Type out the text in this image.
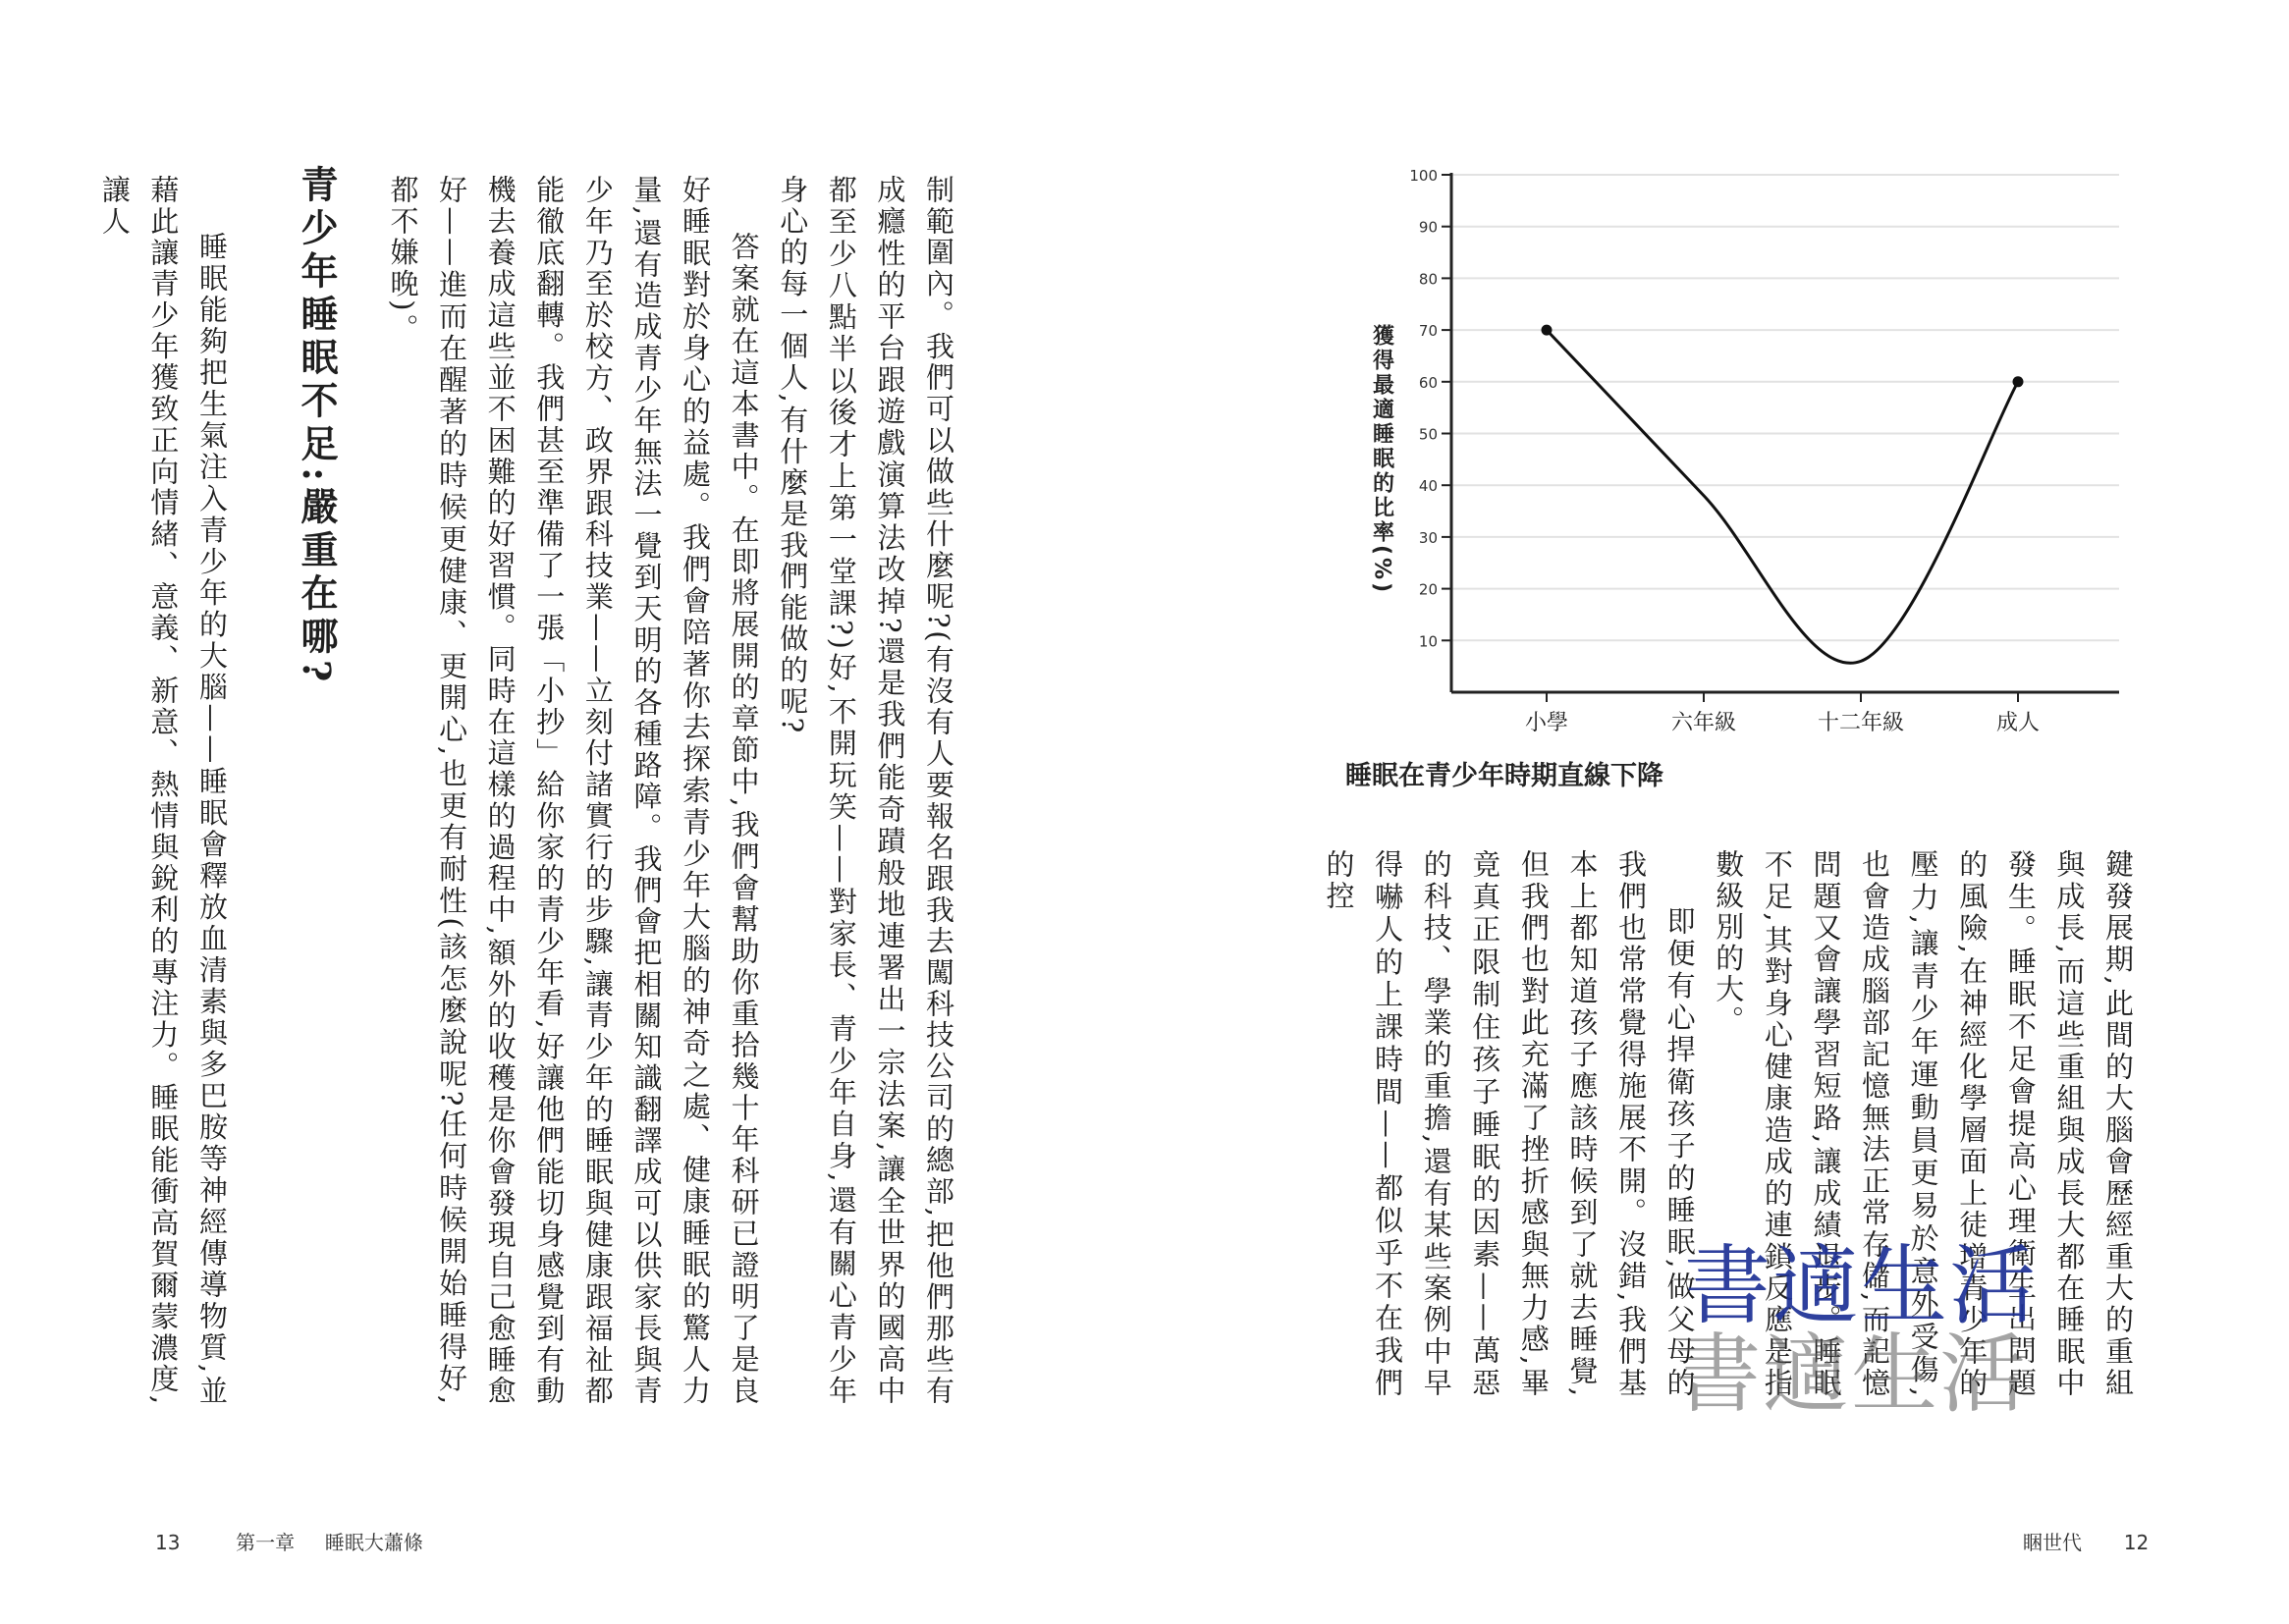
制範圍內。我們可以做些什麼呢?(有沒有人要報名跟我去闖科技公司的總部,把他們那些有成癮性的平台跟遊戲演算法改掉?還是我們能奇蹟般地連署出一宗法案,讓全世界的國高中都至少八點半以後才上第一堂課?)好,不開玩笑——對家長、青少年自身,還有關心青少年身心的每一個人,有什麼是我們能做的呢?

答案就在這本書中。在即將展開的章節中,我們會幫助你重拾幾十年科研已證明了是良好睡眠對於身心的益處。我們會陪著你去探索青少年大腦的神奇之處、健康睡眠的驚人力量,還有造成青少年無法一覺到天明的各種路障。我們會把相關知識翻譯成可以供家長與青少年乃至於校方、政界跟科技業——立刻付諸實行的步驟,讓青少年的睡眠與健康跟福祉都能徹底翻轉。我們甚至準備了一張「小抄」給你家的青少年看,好讓他們能切身感覺到有動機去養成這些並不困難的好習慣。同時在這樣的過程中,額外的收穫是你會發現自己愈睡愈好——進而在醒著的時候更健康、更開心,也更有耐性(該怎麼說呢?任何時候開始睡得好,都不嫌晚)。

青少年睡眠不足:嚴重在哪?

睡眠能夠把生氣注入青少年的大腦——睡眠會釋放血清素與多巴胺等神經傳導物質,並藉此讓青少年獲致正向情緒、意義、新意、熱情與銳利的專注力。睡眠能衝高賀爾蒙濃度,讓人

13	第一章 睡眠大蕭條
10
20
30
40
50
60
70
80
90
100
小學	六年級	十二年級	成人
獲得最適睡眠的比率(%)
睡眠在青少年時期直線下降

鍵發展期,此間的大腦會歷經重大的重組與成長,而這些重組與成長大都在睡眠中發生。睡眠不足會提高心理衛生出問題的風險,在神經化學層面上徒增青少年的壓力,讓青少年運動員更易於意外受傷,也會造成腦部記憶無法正常存儲,而記憶問題又會讓學習短路,讓成績退步。睡眠不足,其對身心健康造成的連鎖反應是指數級別的大。

即便有心捍衛孩子的睡眠,做父母的我們也常常覺得施展不開。沒錯,我們基本上都知道孩子應該時候到了就去睡覺,但我們也對此充滿了挫折感與無力感,畢竟真正限制住孩子睡眠的因素——萬惡的科技、學業的重擔,還有某些案例中早得嚇人的上課時間——都似乎不在我們的控

睏世代 12
書適生活
書適生活
